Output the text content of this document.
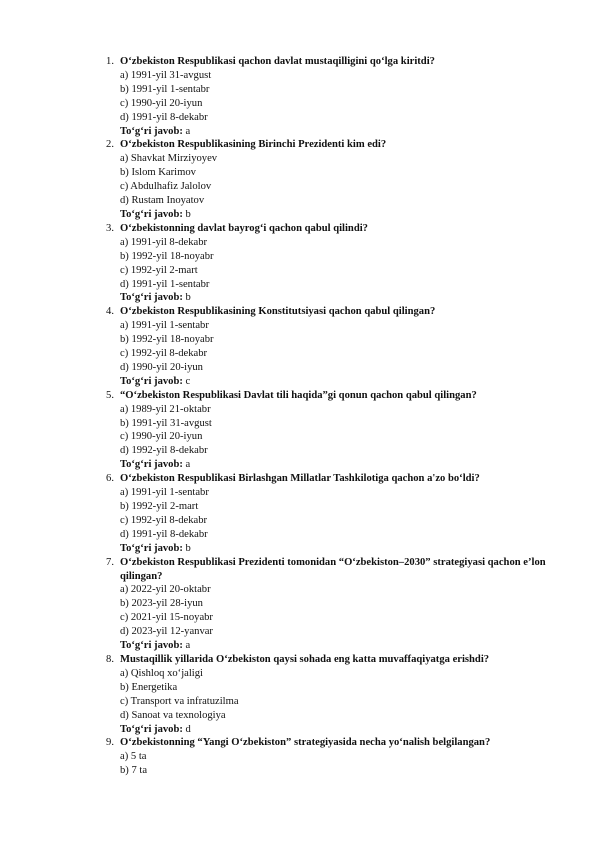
1. O‘zbekiston Respublikasi qachon davlat mustaqilligini qo‘lga kiritdi?
a) 1991-yil 31-avgust
b) 1991-yil 1-sentabr
c) 1990-yil 20-iyun
d) 1991-yil 8-dekabr
To‘g‘ri javob: a
2. O‘zbekiston Respublikasining Birinchi Prezidenti kim edi?
a) Shavkat Mirziyoyev
b) Islom Karimov
c) Abdulhafiz Jalolov
d) Rustam Inoyatov
To‘g‘ri javob: b
3. O‘zbekistonning davlat bayrog‘i qachon qabul qilindi?
a) 1991-yil 8-dekabr
b) 1992-yil 18-noyabr
c) 1992-yil 2-mart
d) 1991-yil 1-sentabr
To‘g‘ri javob: b
4. O‘zbekiston Respublikasining Konstitutsiyasi qachon qabul qilingan?
a) 1991-yil 1-sentabr
b) 1992-yil 18-noyabr
c) 1992-yil 8-dekabr
d) 1990-yil 20-iyun
To‘g‘ri javob: c
5. “O‘zbekiston Respublikasi Davlat tili haqida”gi qonun qachon qabul qilingan?
a) 1989-yil 21-oktabr
b) 1991-yil 31-avgust
c) 1990-yil 20-iyun
d) 1992-yil 8-dekabr
To‘g‘ri javob: a
6. O‘zbekiston Respublikasi Birlashgan Millatlar Tashkilotiga qachon a'zo bo‘ldi?
a) 1991-yil 1-sentabr
b) 1992-yil 2-mart
c) 1992-yil 8-dekabr
d) 1991-yil 8-dekabr
To‘g‘ri javob: b
7. O‘zbekiston Respublikasi Prezidenti tomonidan “O‘zbekiston–2030” strategiyasi qachon e’lon qilingan?
a) 2022-yil 20-oktabr
b) 2023-yil 28-iyun
c) 2021-yil 15-noyabr
d) 2023-yil 12-yanvar
To‘g‘ri javob: a
8. Mustaqillik yillarida O‘zbekiston qaysi sohada eng katta muvaffaqiyatga erishdi?
a) Qishloq xo‘jaligi
b) Energetika
c) Transport va infratuzilma
d) Sanoat va texnologiya
To‘g‘ri javob: d
9. O‘zbekistonning “Yangi O‘zbekiston” strategiyasida necha yo‘nalish belgilangan?
a) 5 ta
b) 7 ta
